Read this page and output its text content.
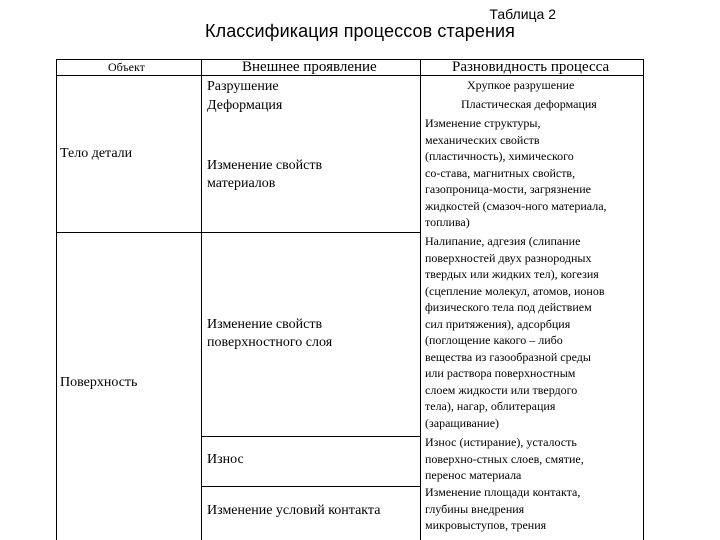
Таблица 2
Классификация процессов старения
Объект	Внешнее проявление	Разновидность процесса
Тело детали
Поверхность
Разрушение
Деформация
Изменение свойств
материалов
Изменение свойств
поверхностного слоя
Износ
Изменение условий контакта
Хрупкое разрушение
Пластическая деформация
Изменение структуры,
механических свойств
(пластичность), химического
со-става, магнитных свойств,
газопроница-мости, загрязнение
жидкостей (смазоч-ного материала,
топлива)
Налипание, адгезия (слипание
поверхностей двух разнородных
твердых или жидких тел), когезия
(сцепление молекул, атомов, ионов
физического тела под действием
сил притяжения), адсорбция
(поглощение какого – либо
вещества из газообразной среды
или раствора поверхностным
слоем жидкости или твердого
тела), нагар, облитерация
(заращивание)
Износ (истирание), усталость
поверхно-стных слоев, смятие,
перенос материала
Изменение площади контакта,
глубины внедрения
микровыступов, трения
